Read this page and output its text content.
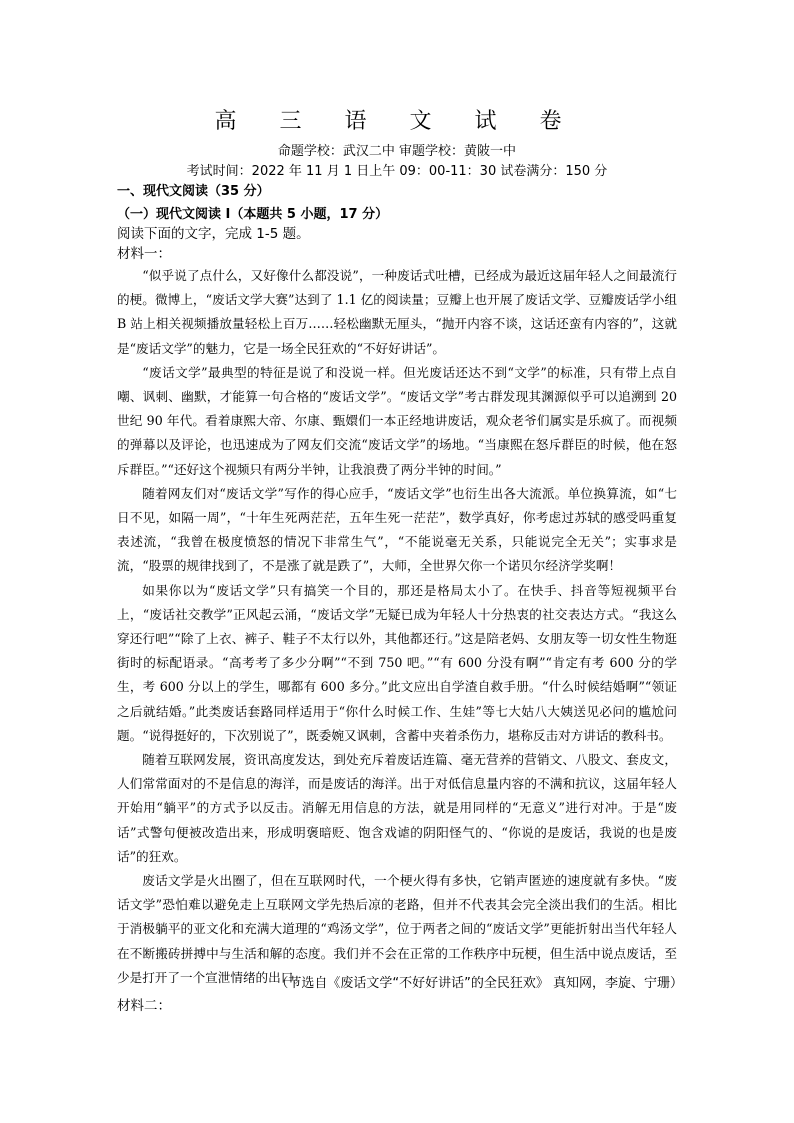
高 三 语 文 试 卷
命题学校：武汉二中 审题学校：黄陂一中
考试时间：2022 年 11 月 1 日上午 09：00-11：30 试卷满分：150 分
一、现代文阅读（35 分）
（一）现代文阅读 I（本题共 5 小题，17 分）
阅读下面的文字，完成 1-5 题。
材料一：

“似乎说了点什么，又好像什么都没说”，一种废话式吐槽，已经成为最近这届年轻人之间最流行的梗。微博上，“废话文学大赛”达到了 1.1 亿的阅读量；豆瓣上也开展了废话文学、豆瓣废话学小组 B 站上相关视频播放量轻松上百万……轻松幽默无厘头，“抛开内容不谈，这话还蛮有内容的”，这就是“废话文学”的魅力，它是一场全民狂欢的“不好好讲话”。

“废话文学”最典型的特征是说了和没说一样。但光废话还达不到“文学”的标准，只有带上点自嘲、讽刺、幽默，才能算一句合格的“废话文学”。“废话文学”考古群发现其渊源似乎可以追溯到 20 世纪 90 年代。看着康熙大帝、尔康、甄嬛们一本正经地讲废话，观众老爷们属实是乐疯了。而视频的弹幕以及评论，也迅速成为了网友们交流“废话文学”的场地。“当康熙在怒斥群臣的时候，他在怒斥群臣。”“还好这个视频只有两分半钟，让我浪费了两分半钟的时间。”

随着网友们对“废话文学”写作的得心应手，“废话文学”也衍生出各大流派。单位换算流，如“七日不见，如隔一周”，“十年生死两茫茫，五年生死一茫茫”，数学真好，你考虑过苏轼的感受吗重复表述流，“我曾在极度愤怒的情况下非常生气”，“不能说毫无关系，只能说完全无关”；实事求是流，“股票的规律找到了，不是涨了就是跌了”，大师，全世界欠你一个诺贝尔经济学奖啊！

如果你以为“废话文学”只有搞笑一个目的，那还是格局太小了。在快手、抖音等短视频平台上，“废话社交教学”正风起云涌，“废话文学”无疑已成为年轻人十分热衷的社交表达方式。“我这么穿还行吧”“除了上衣、裤子、鞋子不太行以外，其他都还行。”这是陪老妈、女朋友等一切女性生物逛街时的标配语录。“高考考了多少分啊”“不到 750 吧。”“有 600 分没有啊”“肯定有考 600 分的学生，考 600 分以上的学生，哪都有 600 多分。”此文应出自学渣自救手册。“什么时候结婚啊”“领证之后就结婚。”此类废话套路同样适用于“你什么时候工作、生娃”等七大姑八大姨送见必问的尴尬问题。“说得挺好的，下次别说了”，既委婉又讽刺，含蓄中夹着杀伤力，堪称反击对方讲话的教科书。

随着互联网发展，资讯高度发达，到处充斥着废话连篇、毫无营养的营销文、八股文、套皮文，人们常常面对的不是信息的海洋，而是废话的海洋。出于对低信息量内容的不满和抗议，这届年轻人开始用“躺平”的方式予以反击。消解无用信息的方法，就是用同样的“无意义”进行对冲。于是“废话”式警句便被改造出来，形成明褒暗贬、饱含戏谑的阴阳怪气的、“你说的是废话，我说的也是废话”的狂欢。

废话文学是火出圈了，但在互联网时代，一个梗火得有多快，它销声匿迹的速度就有多快。“废话文学”恐怕难以避免走上互联网文学先热后凉的老路，但并不代表其会完全淡出我们的生活。相比于消极躺平的亚文化和充满大道理的“鸡汤文学”，位于两者之间的“废话文学”更能折射出当代年轻人在不断搬砖拼搏中与生活和解的态度。我们并不会在正常的工作秩序中玩梗，但生活中说点废话，至少是打开了一个宣泄情绪的出口。

（节选自《废话文学“不好好讲话”的全民狂欢》 真知网，李旋、宁珊）
材料二：
